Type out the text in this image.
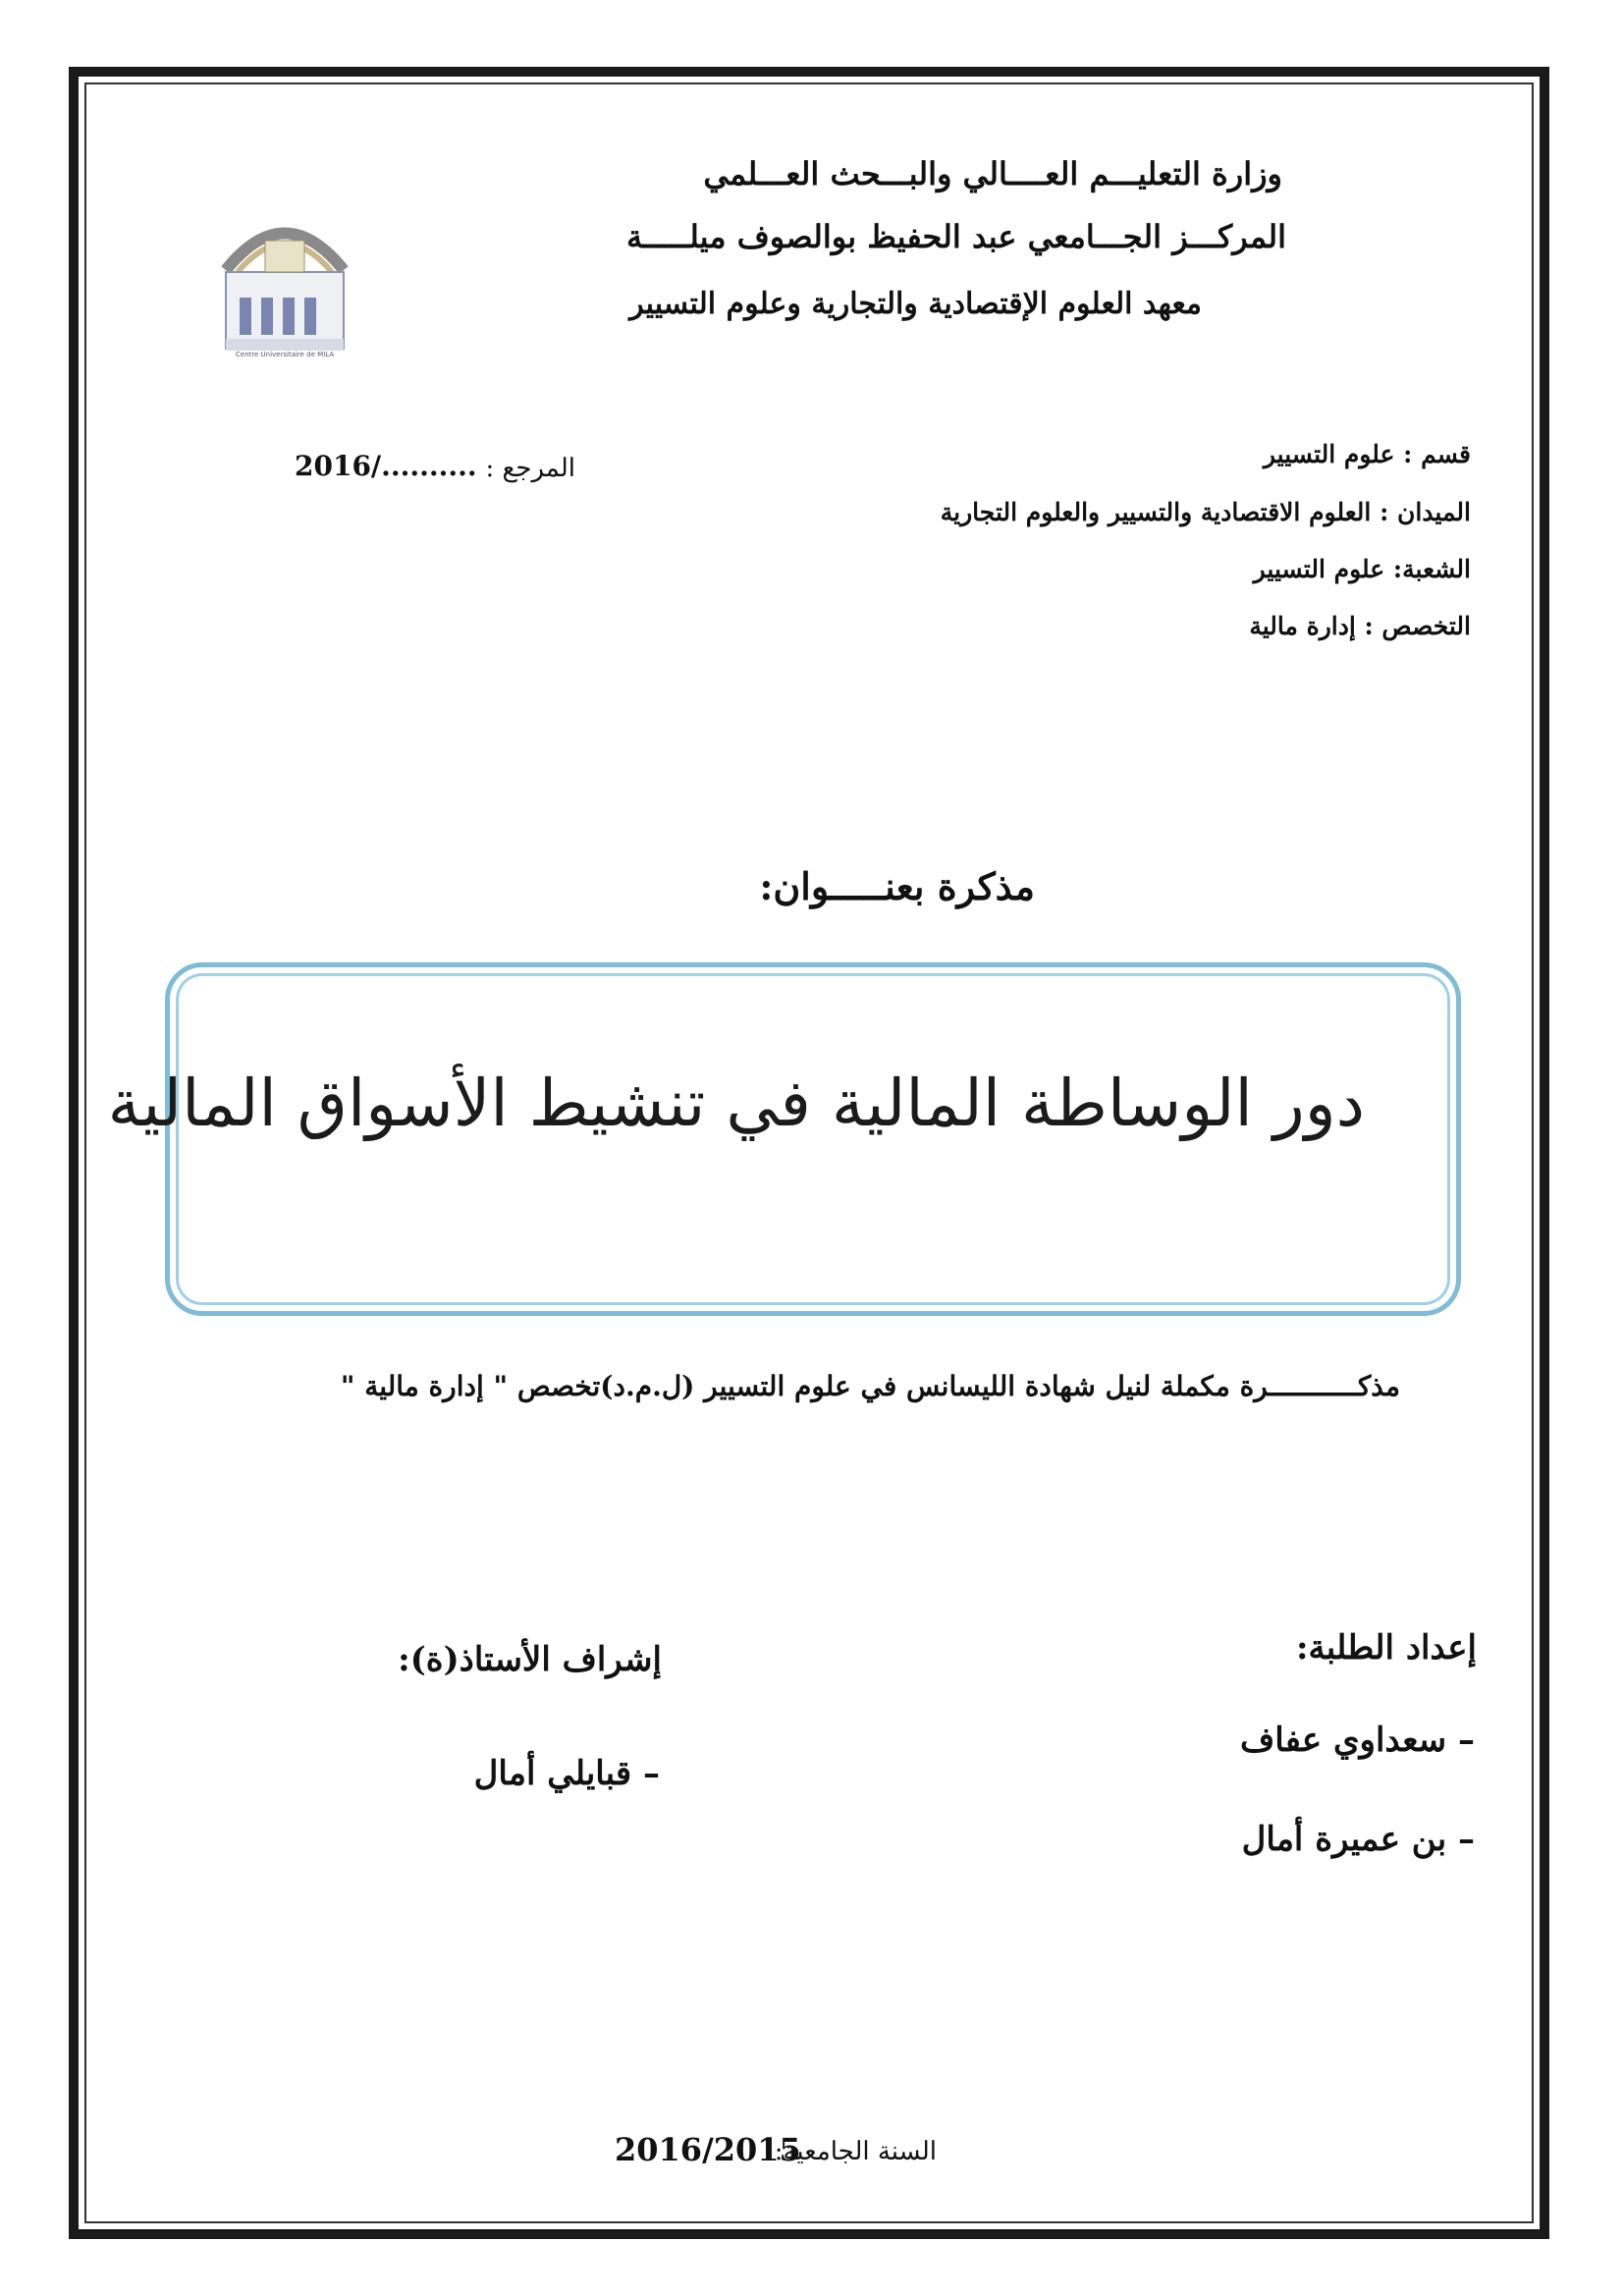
Centre Universitaire de MILA
وزارة التعليـــم العــــالي والبـــحث العـــلمي
المركـــز الجـــامعي عبد الحفيظ بوالصوف ميلـــــة
معهد العلوم الإقتصادية والتجارية وعلوم التسيير
قسم : علوم التسيير
الميدان : العلوم الاقتصادية والتسيير والعلوم التجارية
الشعبة: علوم التسيير
التخصص : إدارة مالية
المرجع :
2016/..........
مذكرة بعنـــــوان:
دور الوساطة المالية في تنشيط الأسواق المالية
مذكـــــــــــرة مكملة لنيل شهادة الليسانس في علوم التسيير (ل.م.د)تخصص " إدارة مالية "
إعداد الطلبة:
– سعداوي عفاف
– بن عميرة أمال
إشراف الأستاذ(ة):
– قبايلي أمال
السنة الجامعية:
2016/2015
